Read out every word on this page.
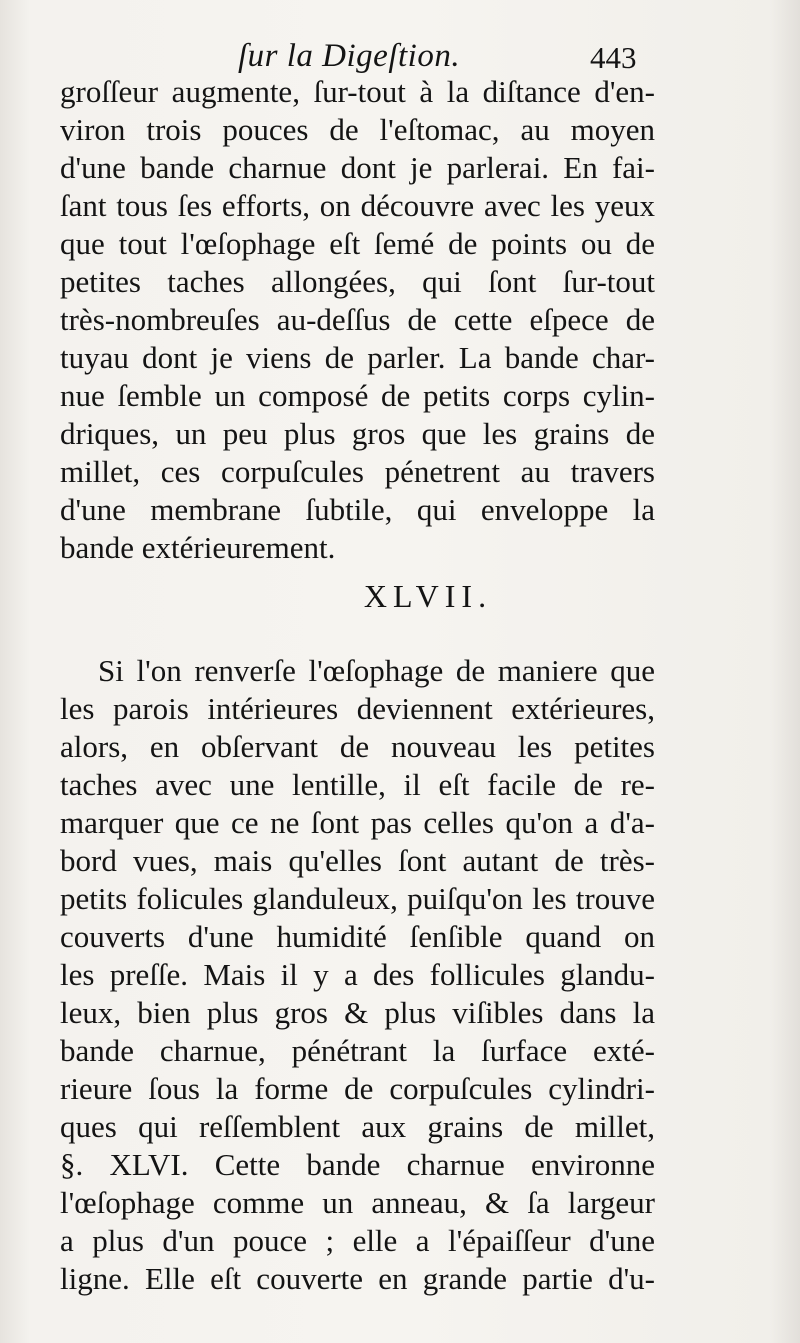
ſur la Digeſtion.	443
groſſeur augmente, ſur-tout à la diſtance d'en-
viron trois pouces de l'eſtomac, au moyen
d'une bande charnue dont je parlerai. En fai-
ſant tous ſes efforts, on découvre avec les yeux
que tout l'œſophage eſt ſemé de points ou de
petites taches allongées, qui ſont ſur-tout
très-nombreuſes au-deſſus de cette eſpece de
tuyau dont je viens de parler. La bande char-
nue ſemble un composé de petits corps cylin-
driques, un peu plus gros que les grains de
millet, ces corpuſcules pénetrent au travers
d'une membrane ſubtile, qui enveloppe la
bande extérieurement.
XLVII.
Si l'on renverſe l'œſophage de maniere que
les parois intérieures deviennent extérieures,
alors, en obſervant de nouveau les petites
taches avec une lentille, il eſt facile de re-
marquer que ce ne ſont pas celles qu'on a d'a-
bord vues, mais qu'elles ſont autant de très-
petits folicules glanduleux, puiſqu'on les trouve
couverts d'une humidité ſenſible quand on
les preſſe. Mais il y a des follicules glandu-
leux, bien plus gros & plus viſibles dans la
bande charnue, pénétrant la ſurface exté-
rieure ſous la forme de corpuſcules cylindri-
ques qui reſſemblent aux grains de millet,
§. XLVI. Cette bande charnue environne
l'œſophage comme un anneau, & ſa largeur
a plus d'un pouce ; elle a l'épaiſſeur d'une
ligne. Elle eſt couverte en grande partie d'u-
